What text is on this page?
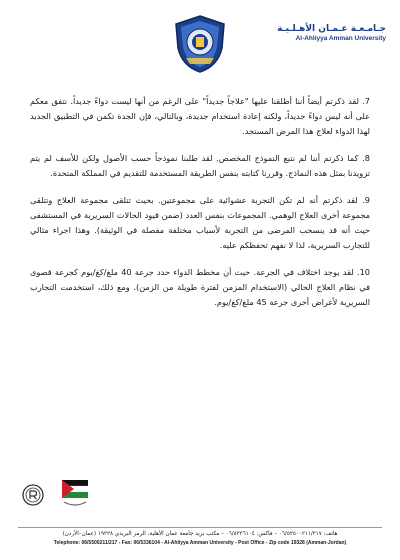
جـامـعـة عـمـان الأهـلـيـة
Al-Ahliyya Amman University

7. لقد ذكرتم أيضاً أننا أطلقنا عليها "علاجاً جديداً" على الرغم من أنها ليست دواءً جديداً. نتفق معكم على أنه ليس دواءً جديداً، ولكنه إعادة استخدام جديدة، وبالتالي، فإن الجدة تكمن في التطبيق الجديد لهذا الدواء لعلاج هذا المرض المستجد.

8. كما ذكرتم أننا لم نتبع النموذج المخصص. لقد طلبنا نموذجاً حسب الأصول ولكن للأسف لم يتم تزويدنا بمثل هذه النماذج. وقررنا كتابته بنفس الطريقة المستخدمة للتقديم في المملكة المتحدة.

9. لقد ذكرتم أنه لم تكن التجربة عشوائية على مجموعتين. بحيث تتلقى مجموعة العلاج وتتلقى مجموعة أخرى العلاج الوهمي. المجموعات بنفس العدد (ضمن قيود الحالات السريرية في المستشفى حيث أنه قد ينسحب المرضى من التجربة لأسباب مختلفة مفصلة في الوثيقة). وهذا اجراء مثالي للتجارب السريرية، لذا لا نفهم تحفظكم عليه.

10. لقد يوجد اختلاف في الجرعة. حيث أن مخطط الدواء حدد جرعة 40 ملغ/كغ/يوم كجرعة قصوى في نظام العلاج الحالي (الاستخدام المزمن لفترة طويلة من الزمن). ومع ذلك، استخدمت التجارب السريرية لأغراض أخرى جرعة 45 ملغ/كغ/يوم.

هاتف: ٠٦/٥٣٥٠٠٢١١/٢١٧ – فاكس: ٠٦/٥٣٣٦١٠٤ – مكتب بريد جامعة عمان الأهلية، الرمز البريدي ١٩٣٢٨ (عمان–الأردن)
Telephone: 06/5500211/217 - Fax: 06/5336104 - Al-Ahliyya Amman University - Post Office - Zip code 19328 (Amman-Jordan)
